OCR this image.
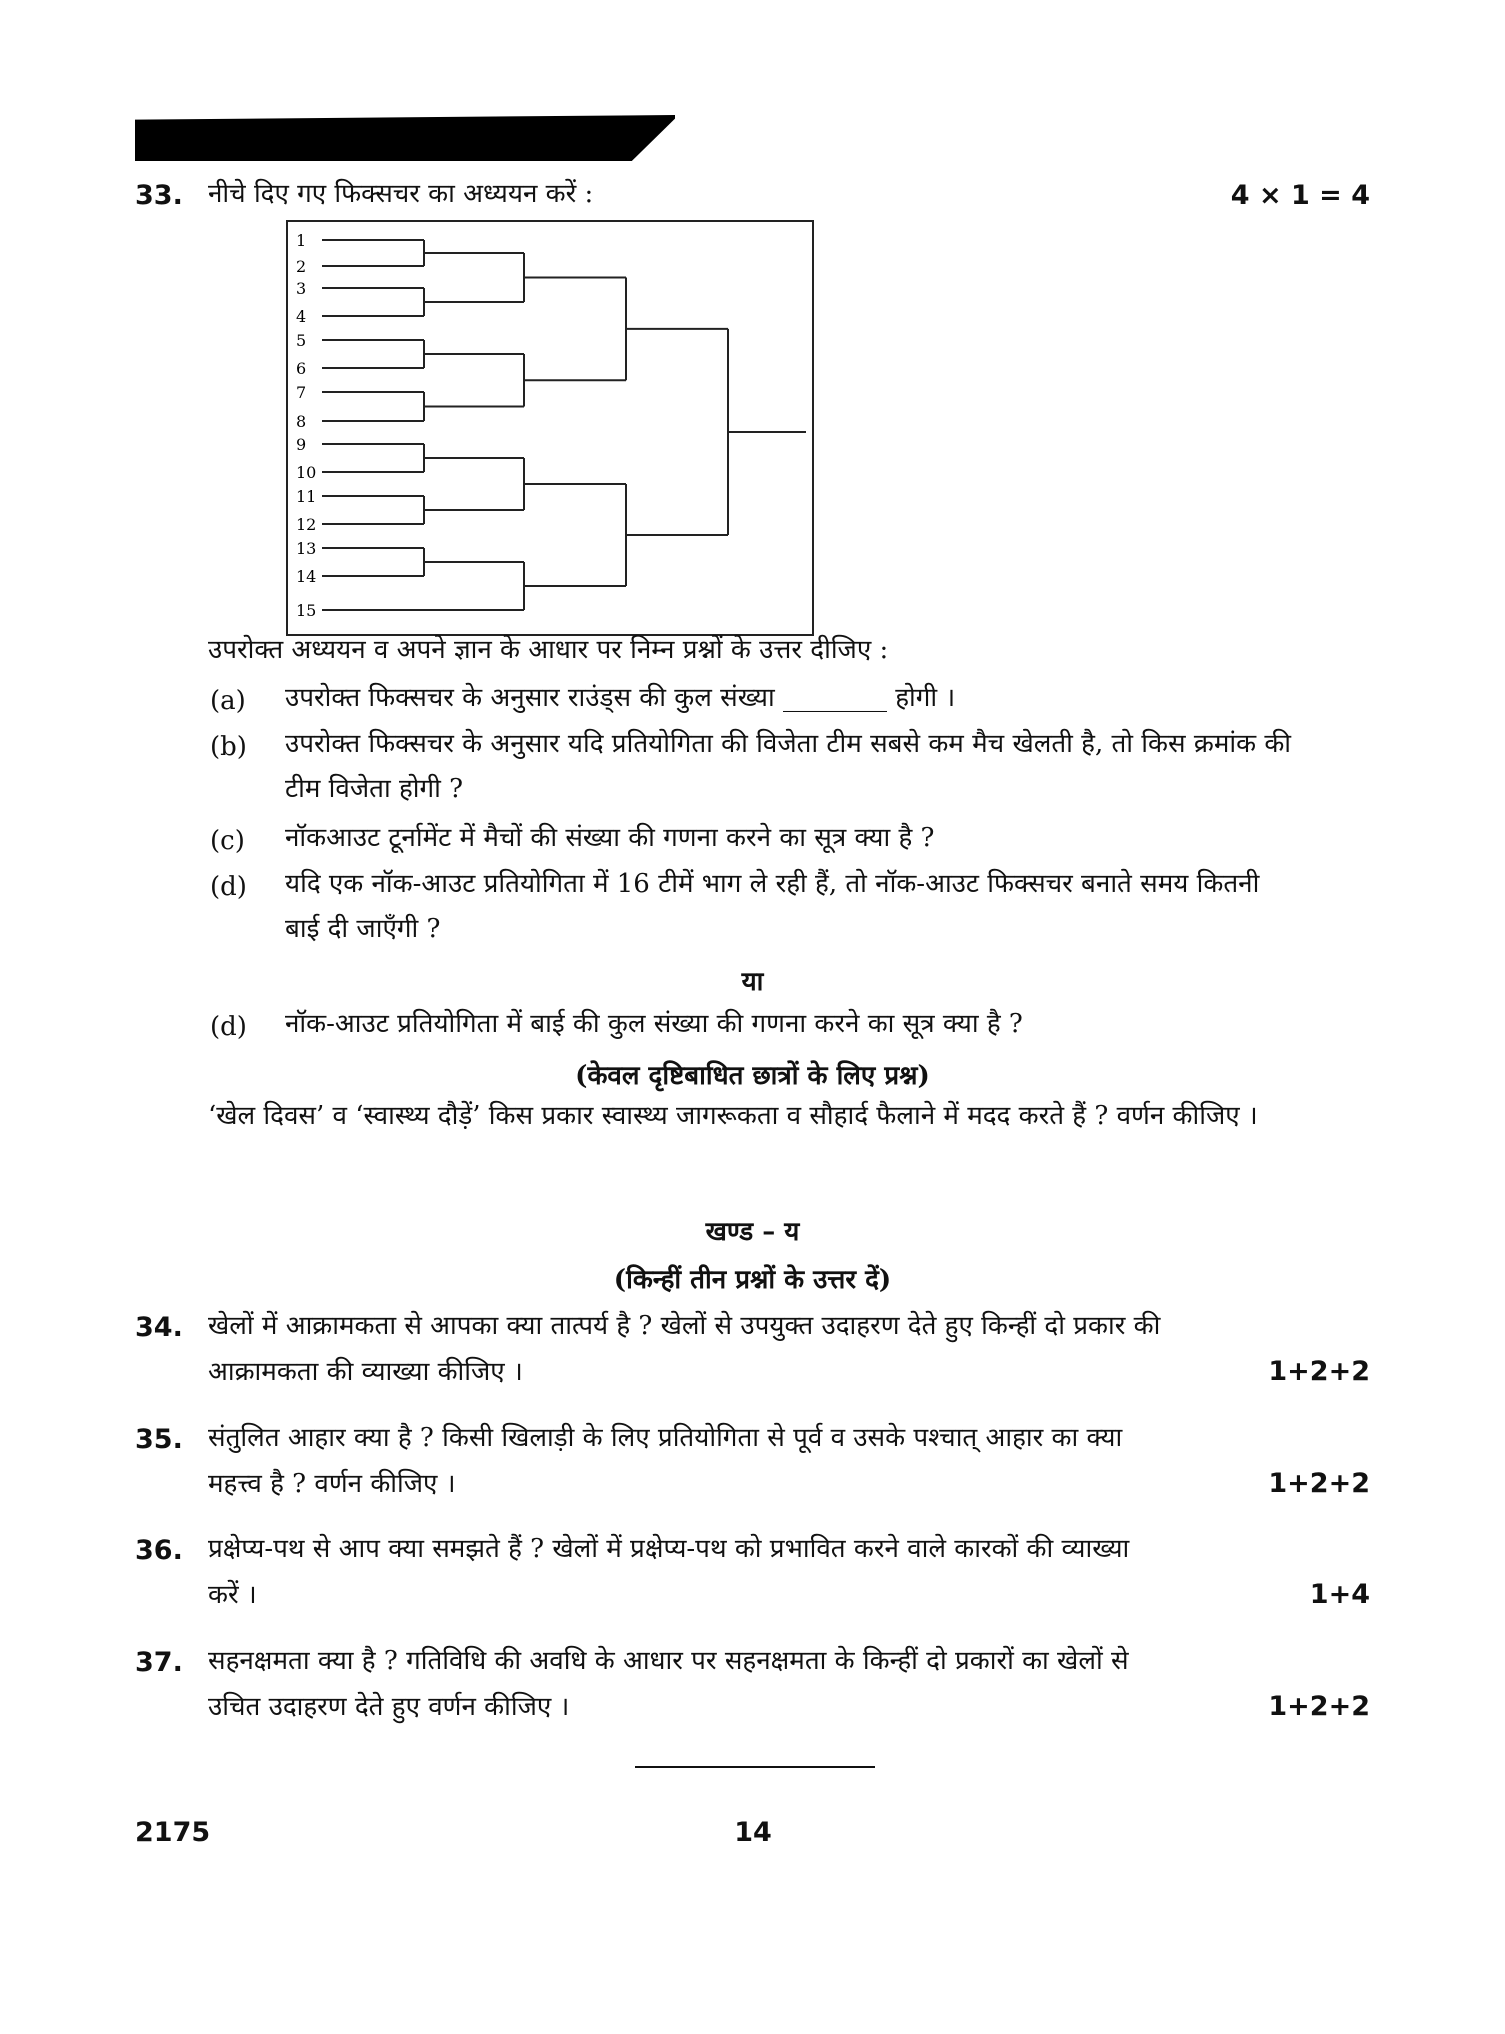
33. नीचे दिए गए फिक्सचर का अध्ययन करें :	4 × 1 = 4
1
2
3
4
5
6
7
8
9
10
11
12
13
14
15
उपरोक्त अध्ययन व अपने ज्ञान के आधार पर निम्न प्रश्नों के उत्तर दीजिए :
(a) उपरोक्त फिक्सचर के अनुसार राउंड्स की कुल संख्या ________ होगी ।
(b) उपरोक्त फिक्सचर के अनुसार यदि प्रतियोगिता की विजेता टीम सबसे कम मैच खेलती है, तो किस क्रमांक की टीम विजेता होगी ?
(c) नॉकआउट टूर्नामेंट में मैचों की संख्या की गणना करने का सूत्र क्या है ?
(d) यदि एक नॉक-आउट प्रतियोगिता में 16 टीमें भाग ले रही हैं, तो नॉक-आउट फिक्सचर बनाते समय कितनी बाई दी जाएँगी ?
या
(d) नॉक-आउट प्रतियोगिता में बाई की कुल संख्या की गणना करने का सूत्र क्या है ?
(केवल दृष्टिबाधित छात्रों के लिए प्रश्न)
‘खेल दिवस’ व ‘स्वास्थ्य दौड़ें’ किस प्रकार स्वास्थ्य जागरूकता व सौहार्द फैलाने में मदद करते हैं ? वर्णन कीजिए ।
खण्ड – य
(किन्हीं तीन प्रश्नों के उत्तर दें)
34. खेलों में आक्रामकता से आपका क्या तात्पर्य है ? खेलों से उपयुक्त उदाहरण देते हुए किन्हीं दो प्रकार की
आक्रामकता की व्याख्या कीजिए ।	1+2+2
35. संतुलित आहार क्या है ? किसी खिलाड़ी के लिए प्रतियोगिता से पूर्व व उसके पश्चात् आहार का क्या
महत्त्व है ? वर्णन कीजिए ।	1+2+2
36. प्रक्षेप्य-पथ से आप क्या समझते हैं ? खेलों में प्रक्षेप्य-पथ को प्रभावित करने वाले कारकों की व्याख्या
करें ।	1+4
37. सहनक्षमता क्या है ? गतिविधि की अवधि के आधार पर सहनक्षमता के किन्हीं दो प्रकारों का खेलों से
उचित उदाहरण देते हुए वर्णन कीजिए ।	1+2+2
2175	14
